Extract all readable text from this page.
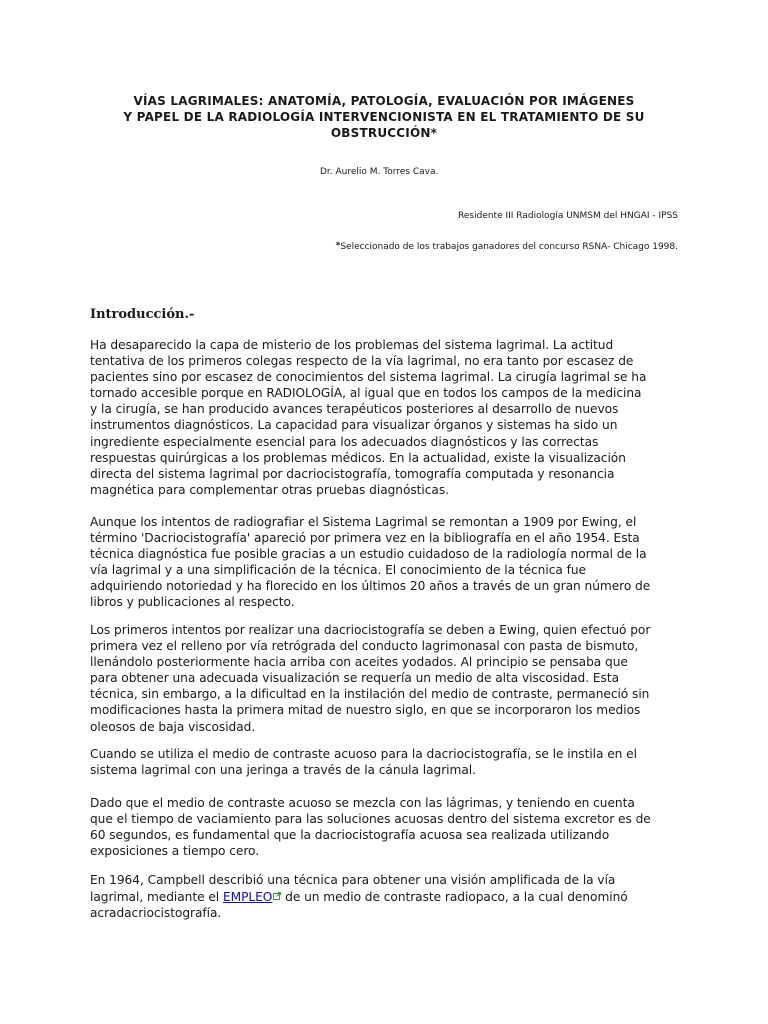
VÍAS LAGRIMALES: ANATOMÍA, PATOLOGÍA, EVALUACIÓN POR IMÁGENES
Y PAPEL DE LA RADIOLOGÍA INTERVENCIONISTA EN EL TRATAMIENTO DE SU
OBSTRUCCIÓN*

Dr. Aurelio M. Torres Cava.

Residente III Radiología UNMSM del HNGAI - IPSS

*Seleccionado de los trabajos ganadores del concurso RSNA- Chicago 1998.

Introducción.-
Ha desaparecido la capa de misterio de los problemas del sistema lagrimal. La actitud
tentativa de los primeros colegas respecto de la vía lagrimal, no era tanto por escasez de
pacientes sino por escasez de conocimientos del sistema lagrimal. La cirugía lagrimal se ha
tornado accesible porque en RADIOLOGÍA, al igual que en todos los campos de la medicina
y la cirugía, se han producido avances terapéuticos posteriores al desarrollo de nuevos
instrumentos diagnósticos. La capacidad para visualizar órganos y sistemas ha sido un
ingrediente especialmente esencial para los adecuados diagnósticos y las correctas
respuestas quirúrgicas a los problemas médicos. En la actualidad, existe la visualización
directa del sistema lagrimal por dacriocistografía, tomografía computada y resonancia
magnética para complementar otras pruebas diagnósticas.
Aunque los intentos de radiografiar el Sistema Lagrimal se remontan a 1909 por Ewing, el
término 'Dacriocistografía' apareció por primera vez en la bibliografía en el año 1954. Esta
técnica diagnóstica fue posible gracias a un estudio cuidadoso de la radiología normal de la
vía lagrimal y a una simplificación de la técnica. El conocimiento de la técnica fue
adquiriendo notoriedad y ha florecido en los últimos 20 años a través de un gran número de
libros y publicaciones al respecto.
Los primeros intentos por realizar una dacriocistografía se deben a Ewing, quien efectuó por
primera vez el relleno por vía retrógrada del conducto lagrimonasal con pasta de bismuto,
llenándolo posteriormente hacia arriba con aceites yodados. Al principio se pensaba que
para obtener una adecuada visualización se requería un medio de alta viscosidad. Esta
técnica, sin embargo, a la dificultad en la instilación del medio de contraste, permaneció sin
modificaciones hasta la primera mitad de nuestro siglo, en que se incorporaron los medios
oleosos de baja viscosidad.
Cuando se utiliza el medio de contraste acuoso para la dacriocistografía, se le instila en el
sistema lagrimal con una jeringa a través de la cánula lagrimal.
Dado que el medio de contraste acuoso se mezcla con las lágrimas, y teniendo en cuenta
que el tiempo de vaciamiento para las soluciones acuosas dentro del sistema excretor es de
60 segundos, es fundamental que la dacriocistografía acuosa sea realizada utilizando
exposiciones a tiempo cero.
En 1964, Campbell describió una técnica para obtener una visión amplificada de la vía
lagrimal, mediante el EMPLEO de un medio de contraste radiopaco, a la cual denominó
acradacriocistografía.
